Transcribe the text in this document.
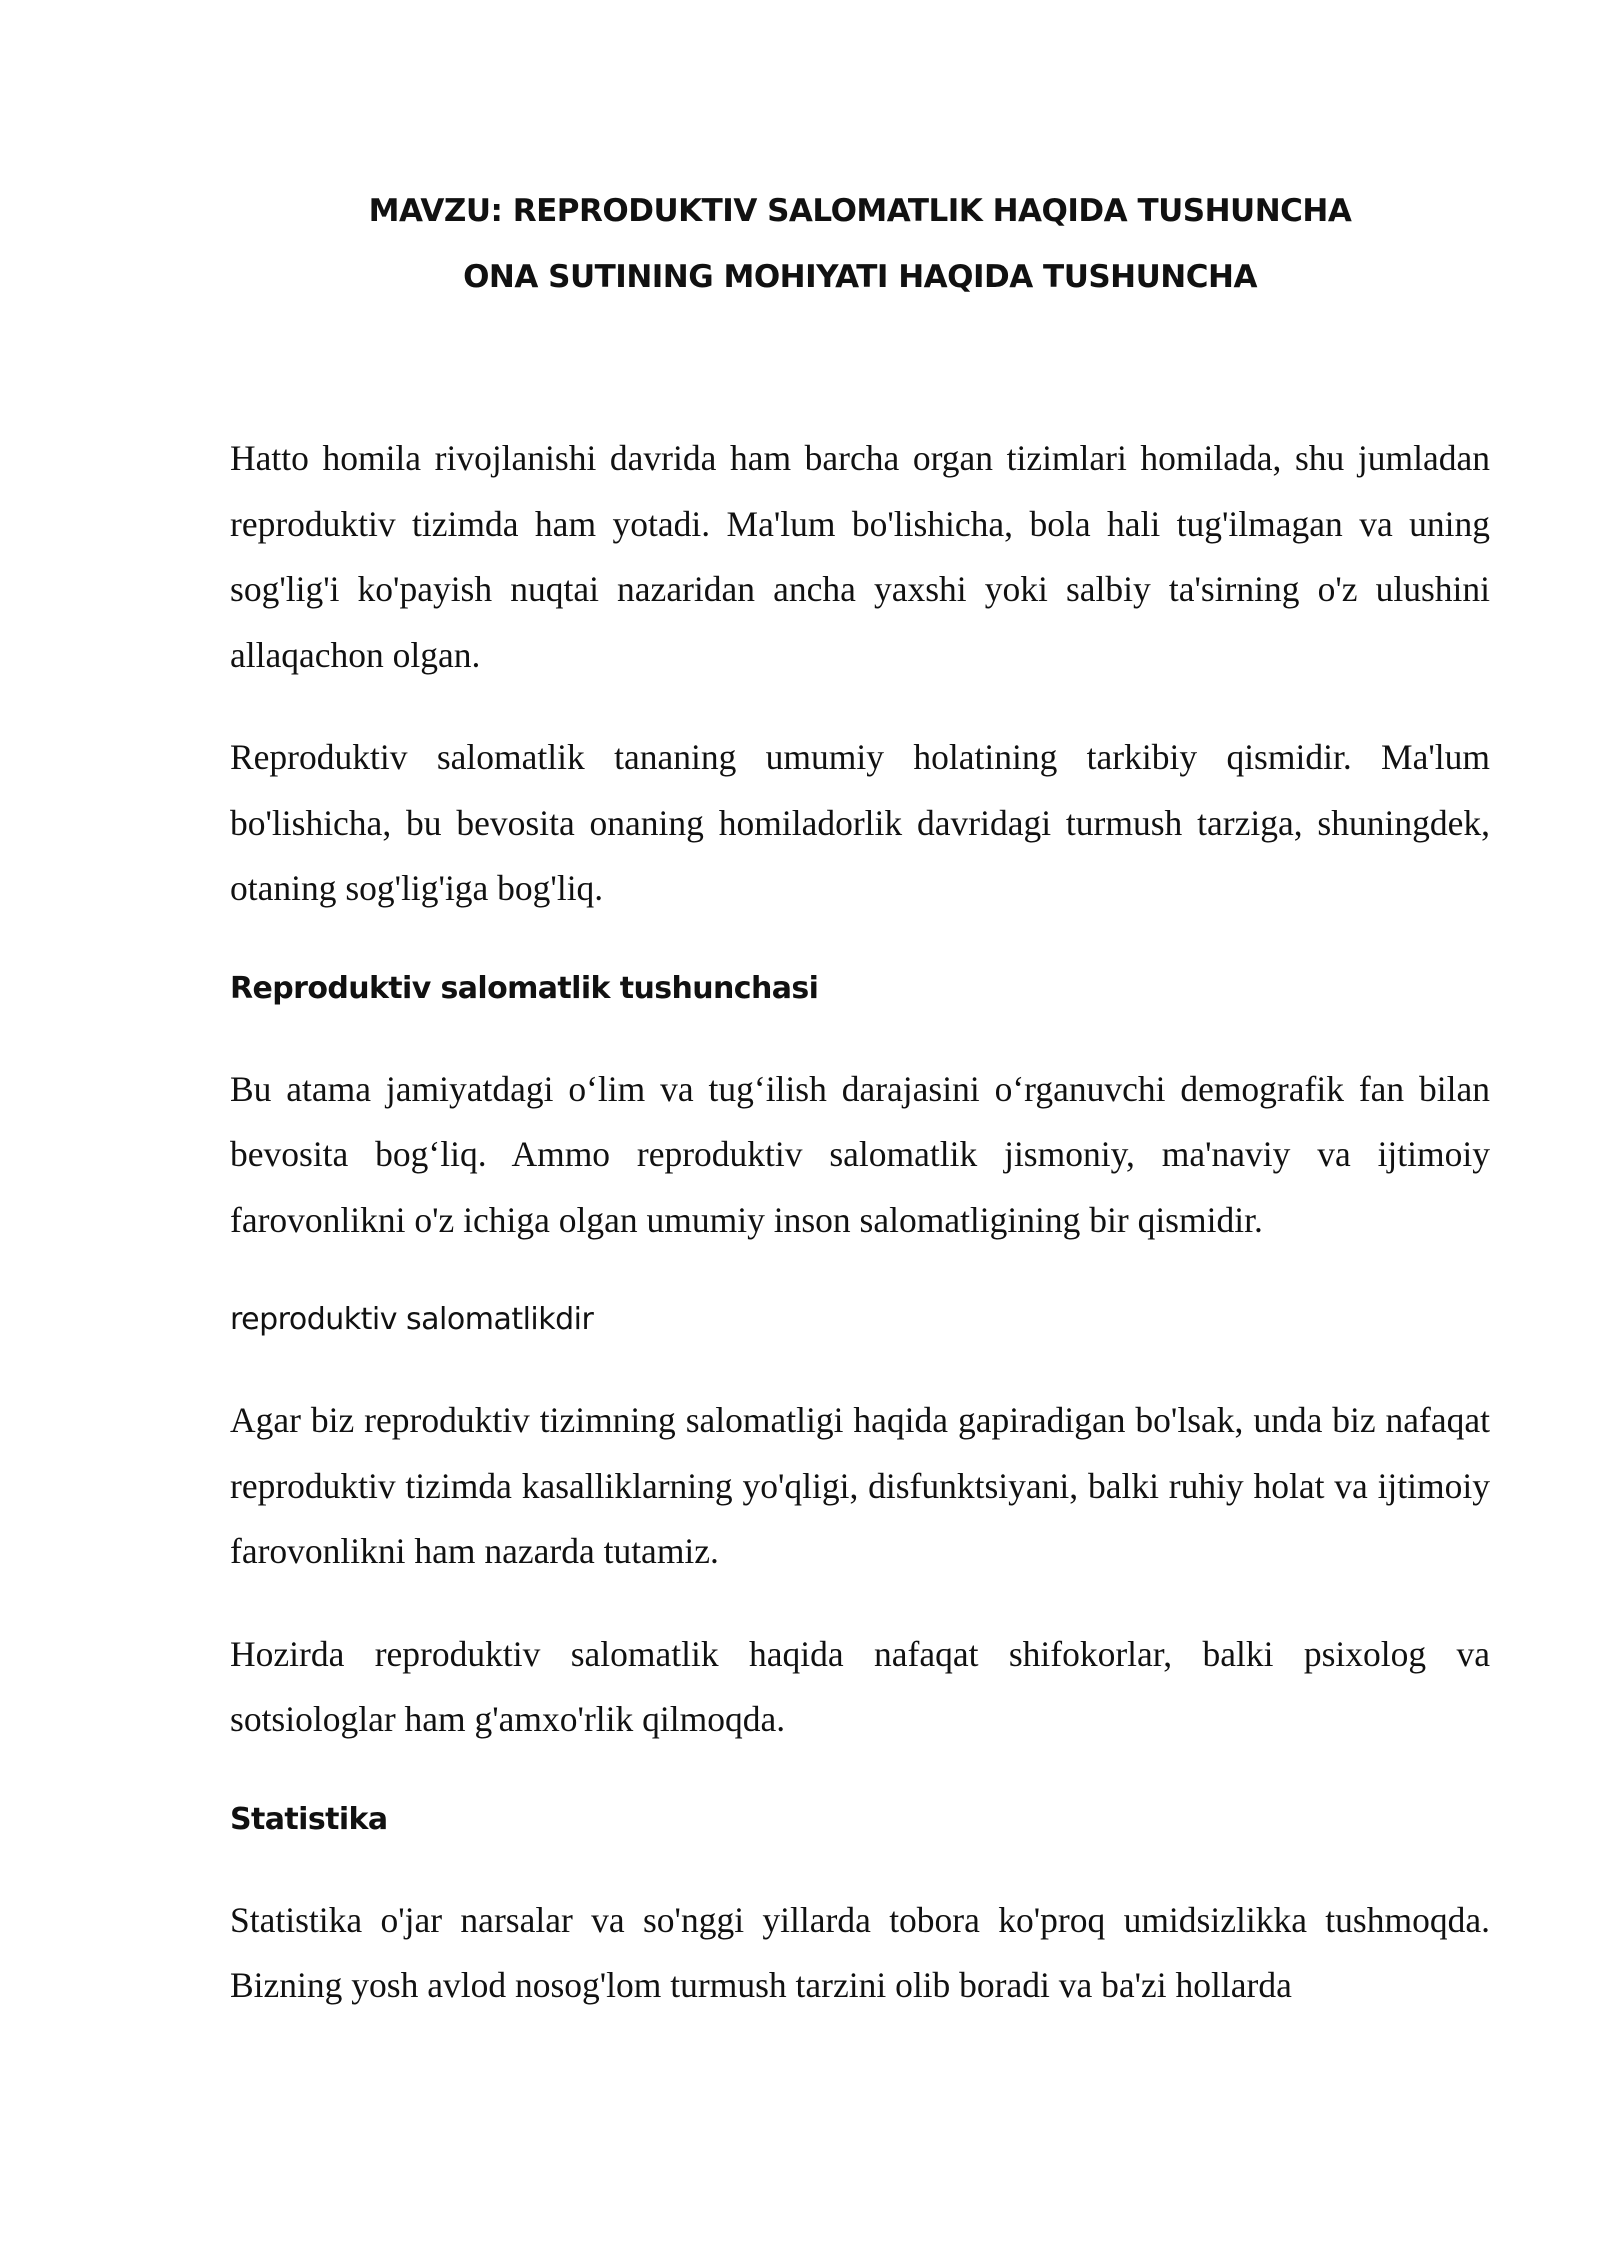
MAVZU: REPRODUKTIV SALOMATLIK HAQIDA TUSHUNCHA
ONA SUTINING MOHIYATI HAQIDA TUSHUNCHA

Hatto homila rivojlanishi davrida ham barcha organ tizimlari homilada, shu jumladan reproduktiv tizimda ham yotadi. Ma'lum bo'lishicha, bola hali tug'ilmagan va uning sog'lig'i ko'payish nuqtai nazaridan ancha yaxshi yoki salbiy ta'sirning o'z ulushini allaqachon olgan.

Reproduktiv salomatlik tananing umumiy holatining tarkibiy qismidir. Ma'lum bo'lishicha, bu bevosita onaning homiladorlik davridagi turmush tarziga, shuningdek, otaning sog'lig'iga bog'liq.

Reproduktiv salomatlik tushunchasi

Bu atama jamiyatdagi o‘lim va tug‘ilish darajasini o‘rganuvchi demografik fan bilan bevosita bog‘liq. Ammo reproduktiv salomatlik jismoniy, ma'naviy va ijtimoiy farovonlikni o'z ichiga olgan umumiy inson salomatligining bir qismidir.

reproduktiv salomatlikdir

Agar biz reproduktiv tizimning salomatligi haqida gapiradigan bo'lsak, unda biz nafaqat reproduktiv tizimda kasalliklarning yo'qligi, disfunktsiyani, balki ruhiy holat va ijtimoiy farovonlikni ham nazarda tutamiz.

Hozirda reproduktiv salomatlik haqida nafaqat shifokorlar, balki psixolog va sotsiologlar ham g'amxo'rlik qilmoqda.

Statistika

Statistika o'jar narsalar va so'nggi yillarda tobora ko'proq umidsizlikka tushmoqda. Bizning yosh avlod nosog'lom turmush tarzini olib boradi va ba'zi hollarda
